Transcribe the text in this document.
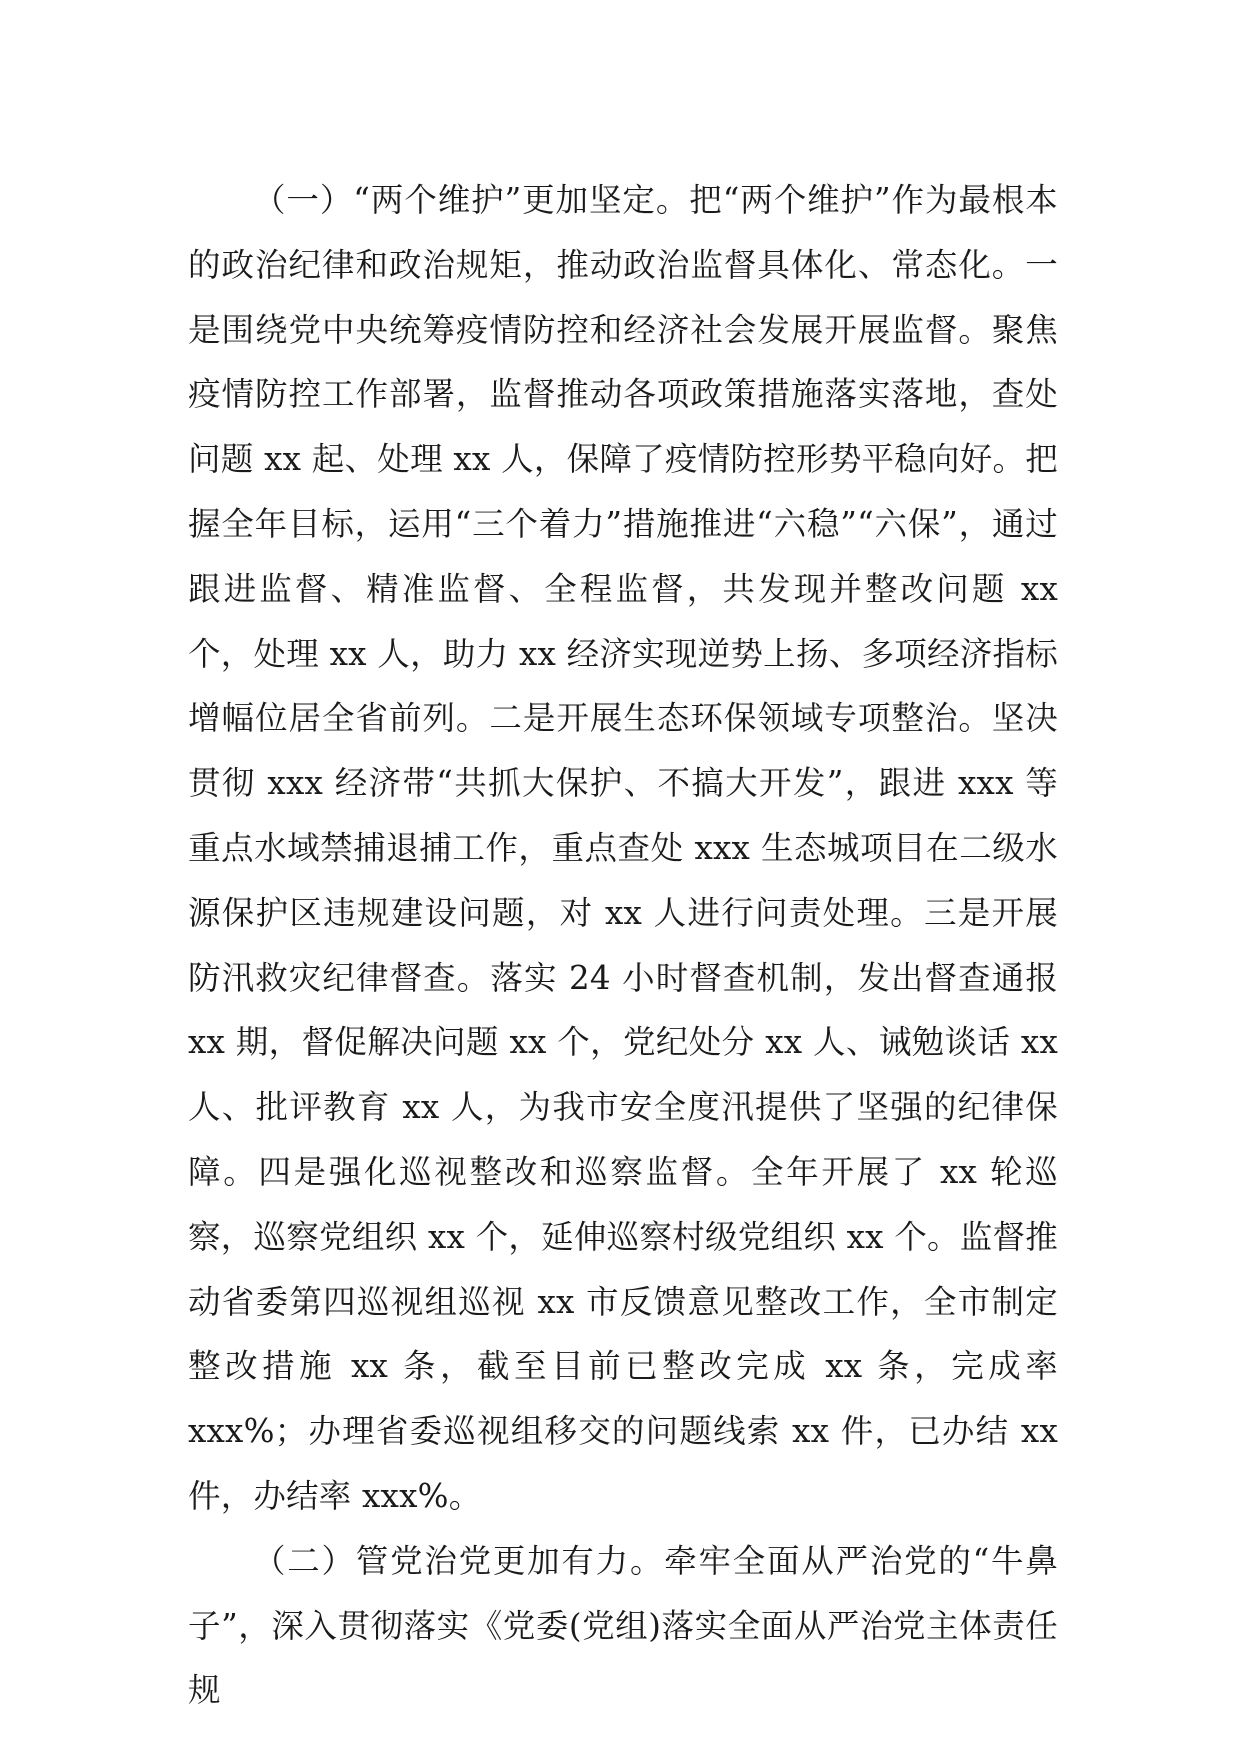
（一）“两个维护”更加坚定。把“两个维护”作为最根本的政治纪律和政治规矩，推动政治监督具体化、常态化。一是围绕党中央统筹疫情防控和经济社会发展开展监督。聚焦疫情防控工作部署，监督推动各项政策措施落实落地，查处问题 xx 起、处理 xx 人，保障了疫情防控形势平稳向好。把握全年目标，运用“三个着力”措施推进“六稳”“六保”，通过跟进监督、精准监督、全程监督，共发现并整改问题 xx 个，处理 xx 人，助力 xx 经济实现逆势上扬、多项经济指标增幅位居全省前列。二是开展生态环保领域专项整治。坚决贯彻 xxx 经济带“共抓大保护、不搞大开发”，跟进 xxx 等重点水域禁捕退捕工作，重点查处 xxx 生态城项目在二级水源保护区违规建设问题，对 xx 人进行问责处理。三是开展防汛救灾纪律督查。落实 24 小时督查机制，发出督查通报 xx 期，督促解决问题 xx 个，党纪处分 xx 人、诫勉谈话 xx 人、批评教育 xx 人，为我市安全度汛提供了坚强的纪律保障。四是强化巡视整改和巡察监督。全年开展了 xx 轮巡察，巡察党组织 xx 个，延伸巡察村级党组织 xx 个。监督推动省委第四巡视组巡视 xx 市反馈意见整改工作，全市制定整改措施 xx 条，截至目前已整改完成 xx 条，完成率 xxx%；办理省委巡视组移交的问题线索 xx 件，已办结 xx 件，办结率 xxx%。

（二）管党治党更加有力。牵牢全面从严治党的“牛鼻子”，深入贯彻落实《党委(党组)落实全面从严治党主体责任规
